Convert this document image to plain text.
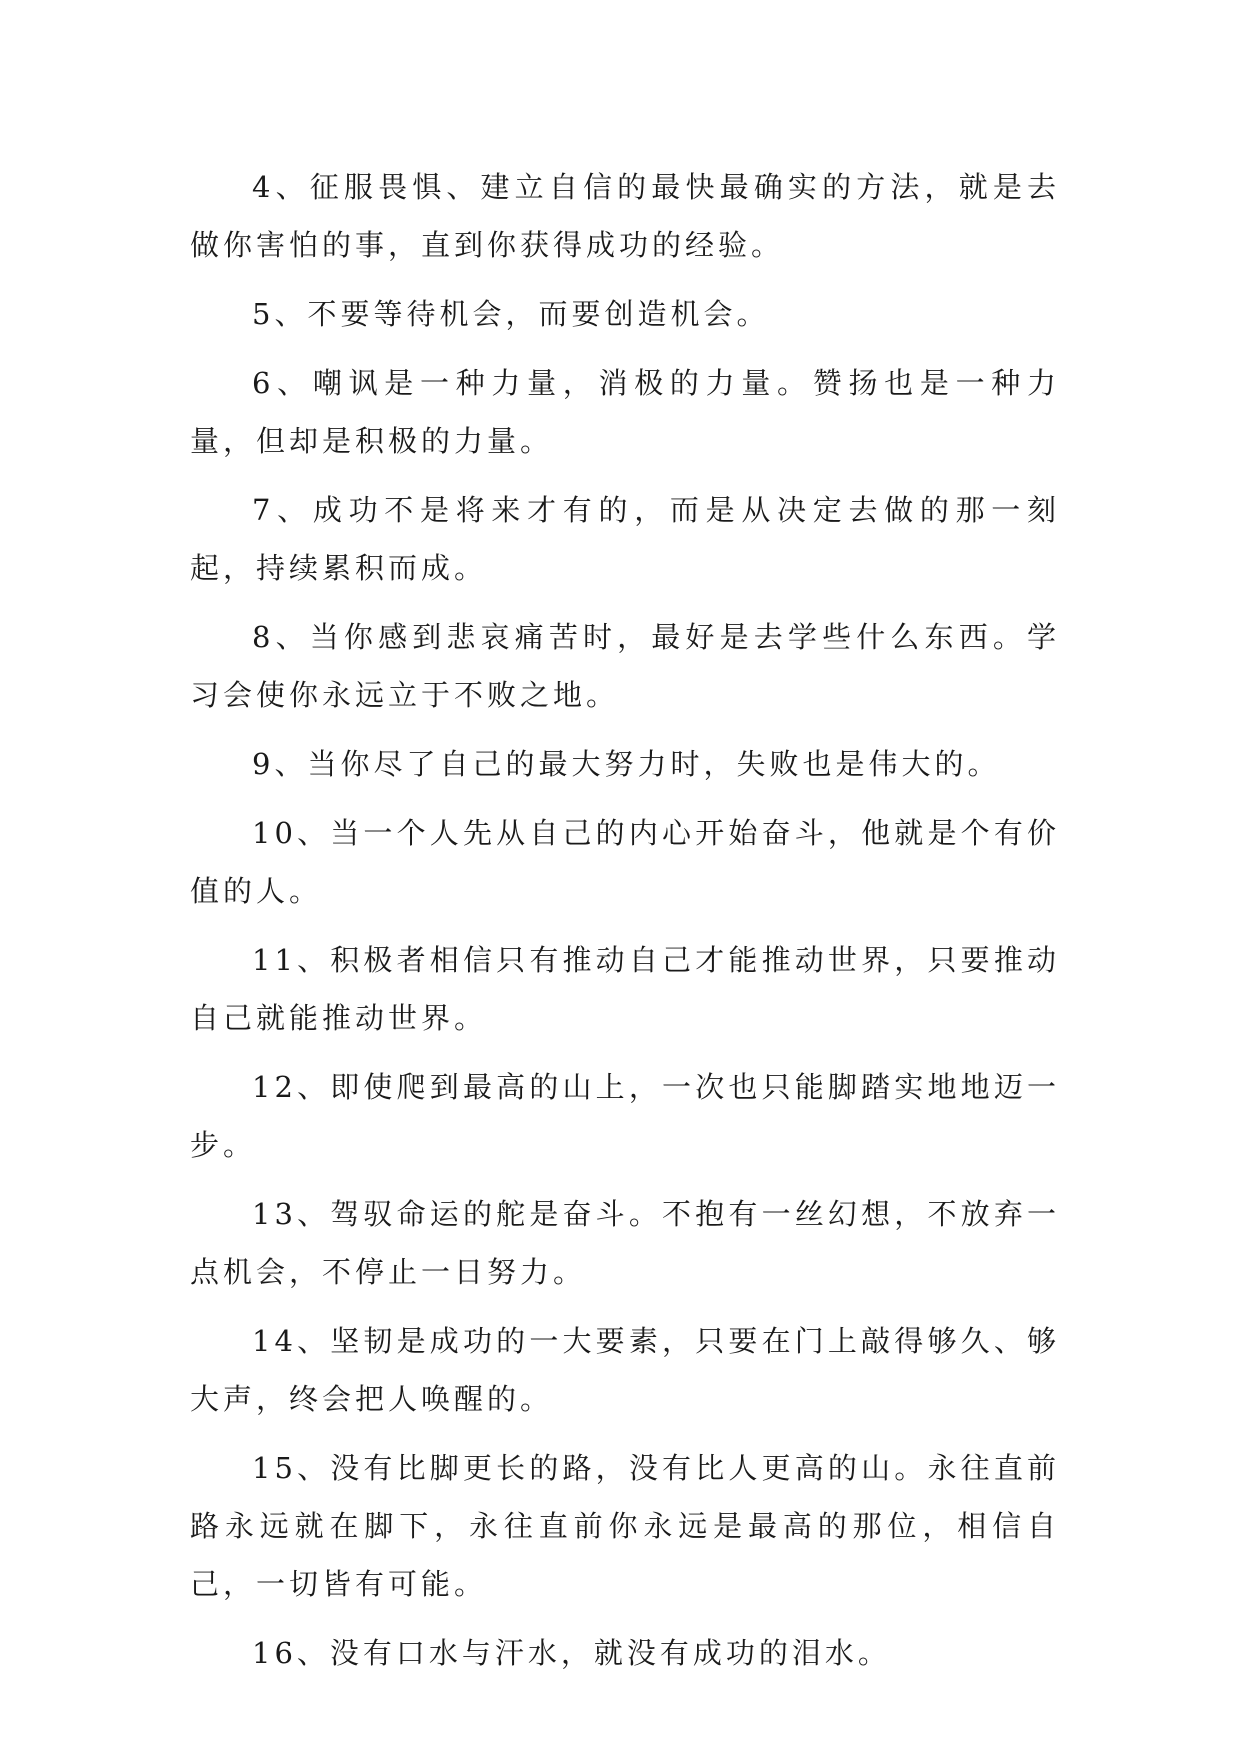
4、征服畏惧、建立自信的最快最确实的方法，就是去做你害怕的事，直到你获得成功的经验。

5、不要等待机会，而要创造机会。

6、嘲讽是一种力量，消极的力量。赞扬也是一种力量，但却是积极的力量。

7、成功不是将来才有的，而是从决定去做的那一刻起，持续累积而成。

8、当你感到悲哀痛苦时，最好是去学些什么东西。学习会使你永远立于不败之地。

9、当你尽了自己的最大努力时，失败也是伟大的。

10、当一个人先从自己的内心开始奋斗，他就是个有价值的人。

11、积极者相信只有推动自己才能推动世界，只要推动自己就能推动世界。

12、即使爬到最高的山上，一次也只能脚踏实地地迈一步。

13、驾驭命运的舵是奋斗。不抱有一丝幻想，不放弃一点机会，不停止一日努力。

14、坚韧是成功的一大要素，只要在门上敲得够久、够大声，终会把人唤醒的。

15、没有比脚更长的路，没有比人更高的山。永往直前路永远就在脚下，永往直前你永远是最高的那位，相信自己，一切皆有可能。

16、没有口水与汗水，就没有成功的泪水。
